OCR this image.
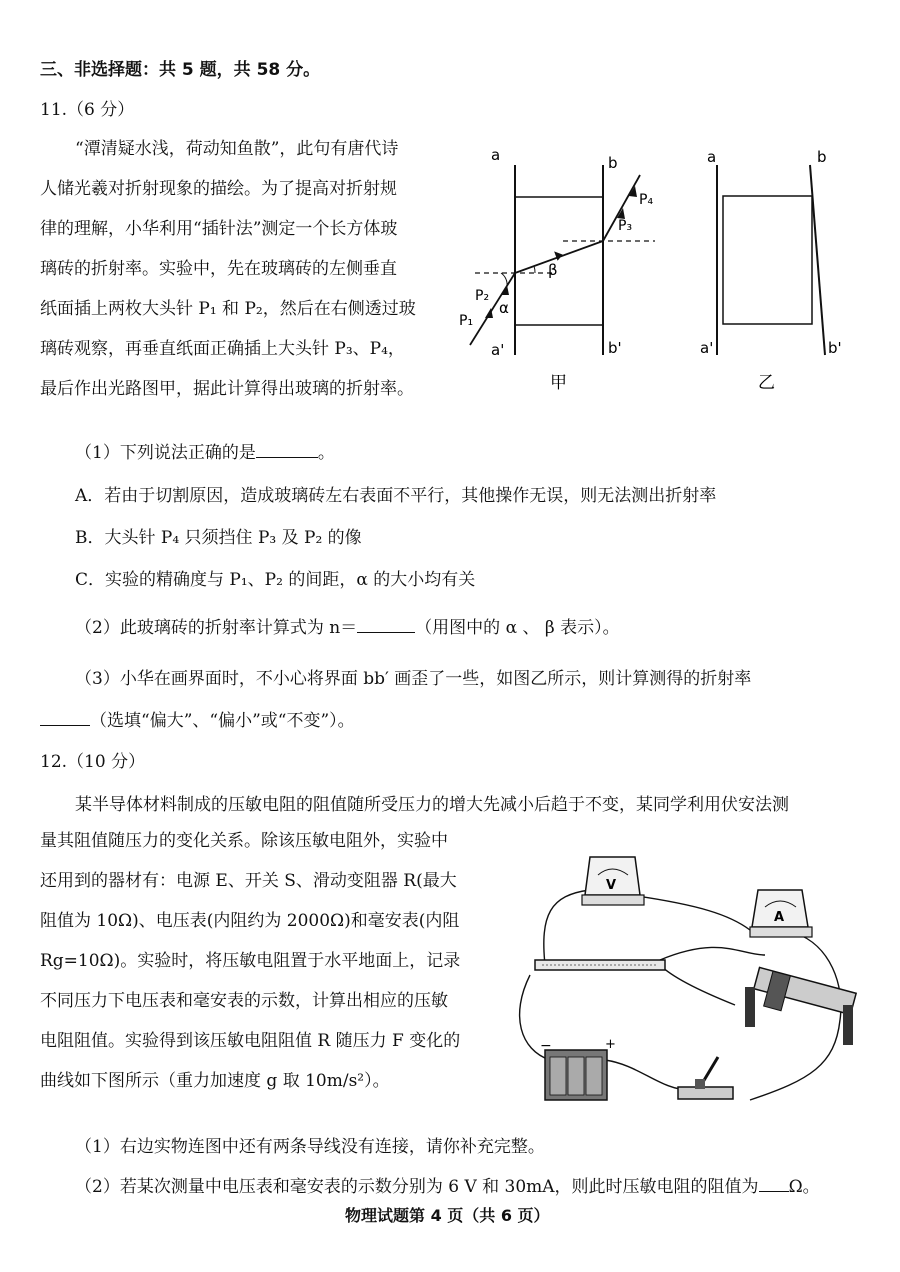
三、非选择题：共 5 题，共 58 分。
11.（6 分）
“潭清疑水浅，荷动知鱼散”，此句有唐代诗
人储光羲对折射现象的描绘。为了提高对折射规
律的理解，小华利用“插针法”测定一个长方体玻
璃砖的折射率。实验中，先在玻璃砖的左侧垂直
纸面插上两枚大头针 P₁ 和 P₂，然后在右侧透过玻
璃砖观察，再垂直纸面正确插上大头针 P₃、P₄，
最后作出光路图甲，据此计算得出玻璃的折射率。
a	b
a'	b'
P₁
P₂
P₃
P₄
α
β
甲
a	b
a'	b'
乙
（1）下列说法正确的是	。
A．若由于切割原因，造成玻璃砖左右表面不平行，其他操作无误，则无法测出折射率
B．大头针 P₄ 只须挡住 P₃ 及 P₂ 的像
C．实验的精确度与 P₁、P₂ 的间距，α 的大小均有关
（2）此玻璃砖的折射率计算式为 n＝	（用图中的 α 、 β 表示）。
（3）小华在画界面时，不小心将界面 bb′ 画歪了一些，如图乙所示，则计算测得的折射率
（选填“偏大”、“偏小”或“不变”）。
12.（10 分）
某半导体材料制成的压敏电阻的阻值随所受压力的增大先减小后趋于不变，某同学利用伏安法测
量其阻值随压力的变化关系。除该压敏电阻外，实验中
还用到的器材有：电源 E、开关 S、滑动变阻器 R(最大
阻值为 10Ω)、电压表(内阻约为 2000Ω)和毫安表(内阻
Rg=10Ω)。实验时，将压敏电阻置于水平地面上，记录
不同压力下电压表和毫安表的示数，计算出相应的压敏
电阻阻值。实验得到该压敏电阻阻值 R 随压力 F 变化的
曲线如下图所示（重力加速度 g 取 10m/s²）。
V
A
−	+
（1）右边实物连图中还有两条导线没有连接，请你补充完整。
（2）若某次测量中电压表和毫安表的示数分别为 6 V 和 30mA，则此时压敏电阻的阻值为 Ω。
物理试题第 4 页（共 6 页）
